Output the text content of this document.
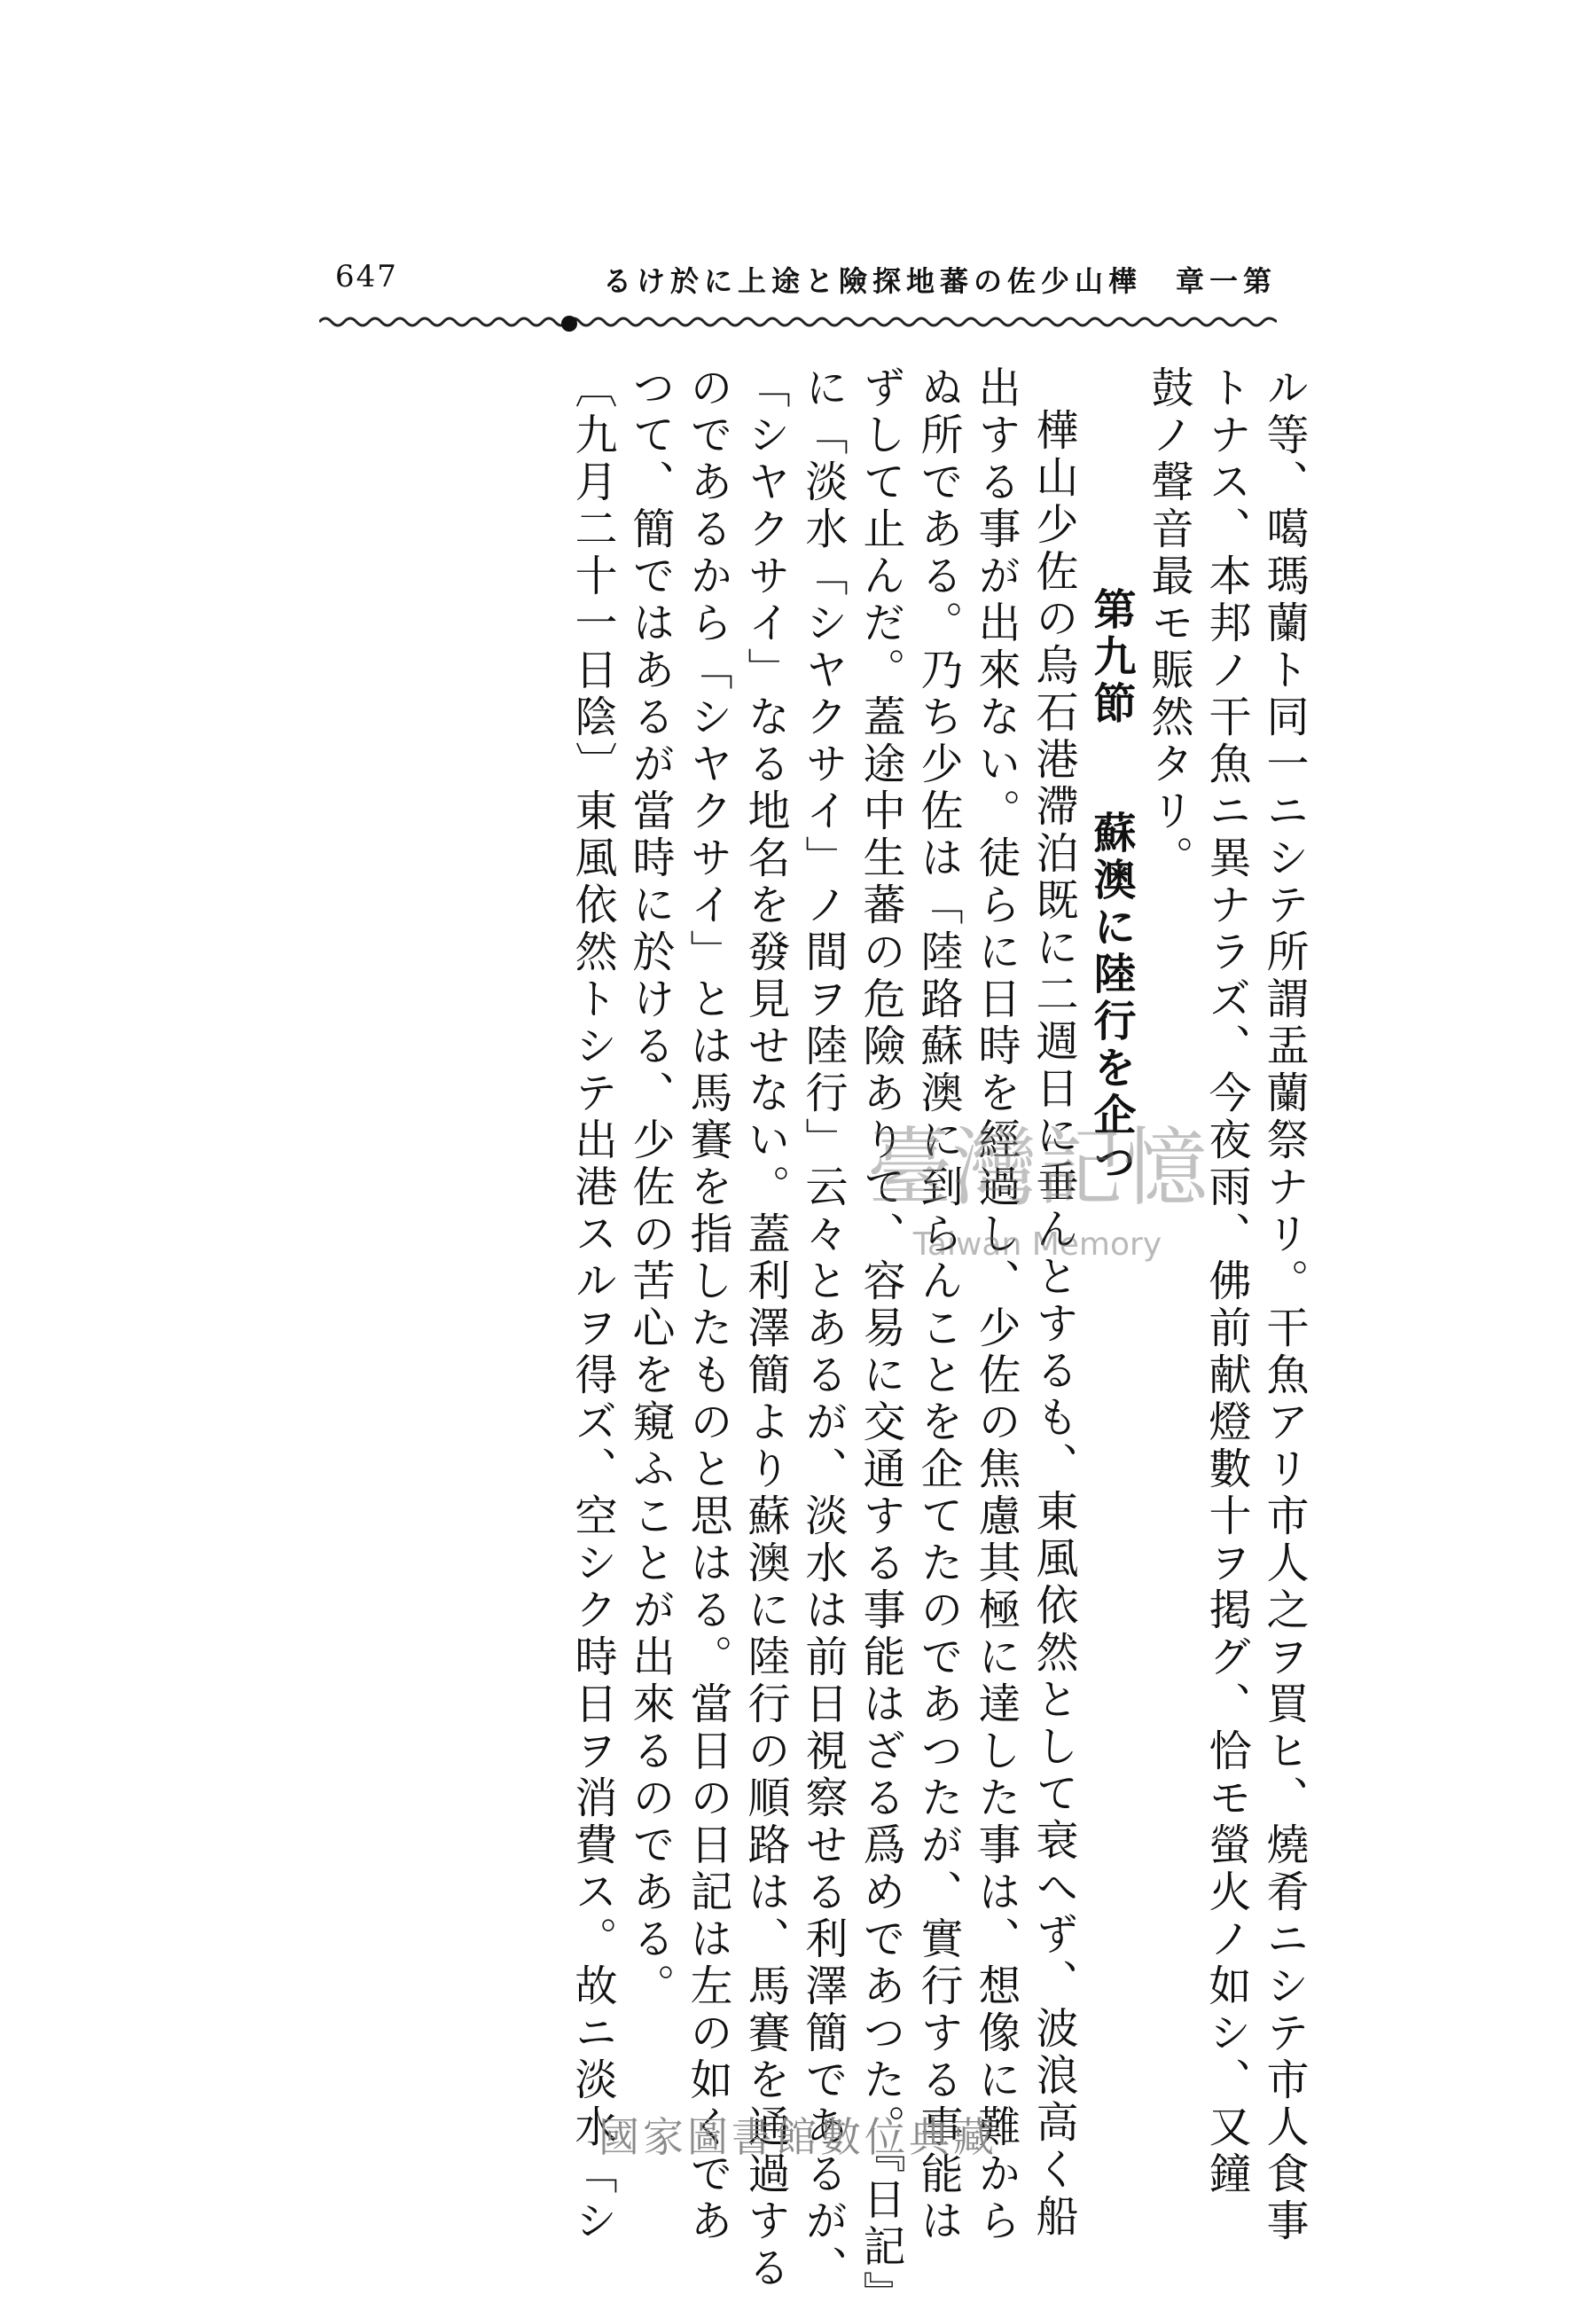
647	第一章　樺山少佐の蕃地探險と途上に於ける

ル等、噶瑪蘭ト同一ニシテ所謂盂蘭祭ナリ。干魚アリ市人之ヲ買ヒ、燒肴ニシテ市人食事

トナス、本邦ノ干魚ニ異ナラズ、今夜雨、佛前献燈數十ヲ掲グ、恰モ螢火ノ如シ、又鐘

鼓ノ聲音最モ賑然タリ。

第九節　蘇澳に陸行を企つ

樺山少佐の烏石港滯泊既に二週日に垂んとするも、東風依然として衰へず、波浪高く船

出する事が出來ない。徒らに日時を經過し、少佐の焦慮其極に達した事は、想像に難から

ぬ所である。乃ち少佐は「陸路蘇澳に到らんことを企てたのであつたが、實行する事能は

ずして止んだ。蓋途中生蕃の危險ありて、容易に交通する事能はざる爲めであつた。『日記』

に「淡水「シヤクサイ」ノ間ヲ陸行」云々とあるが、淡水は前日視察せる利澤簡であるが、

「シヤクサイ」なる地名を發見せない。蓋利澤簡より蘇澳に陸行の順路は、馬賽を通過する

のであるから「シヤクサイ」とは馬賽を指したものと思はる。當日の日記は左の如くであ

つて、簡ではあるが當時に於ける、少佐の苦心を窺ふことが出來るのである。

〔九月二十一日陰〕東風依然トシテ出港スルヲ得ズ、空シク時日ヲ消費ス。故ニ淡水「シ	臺灣記憶
Taiwan Memory
國家圖書館數位典藏
